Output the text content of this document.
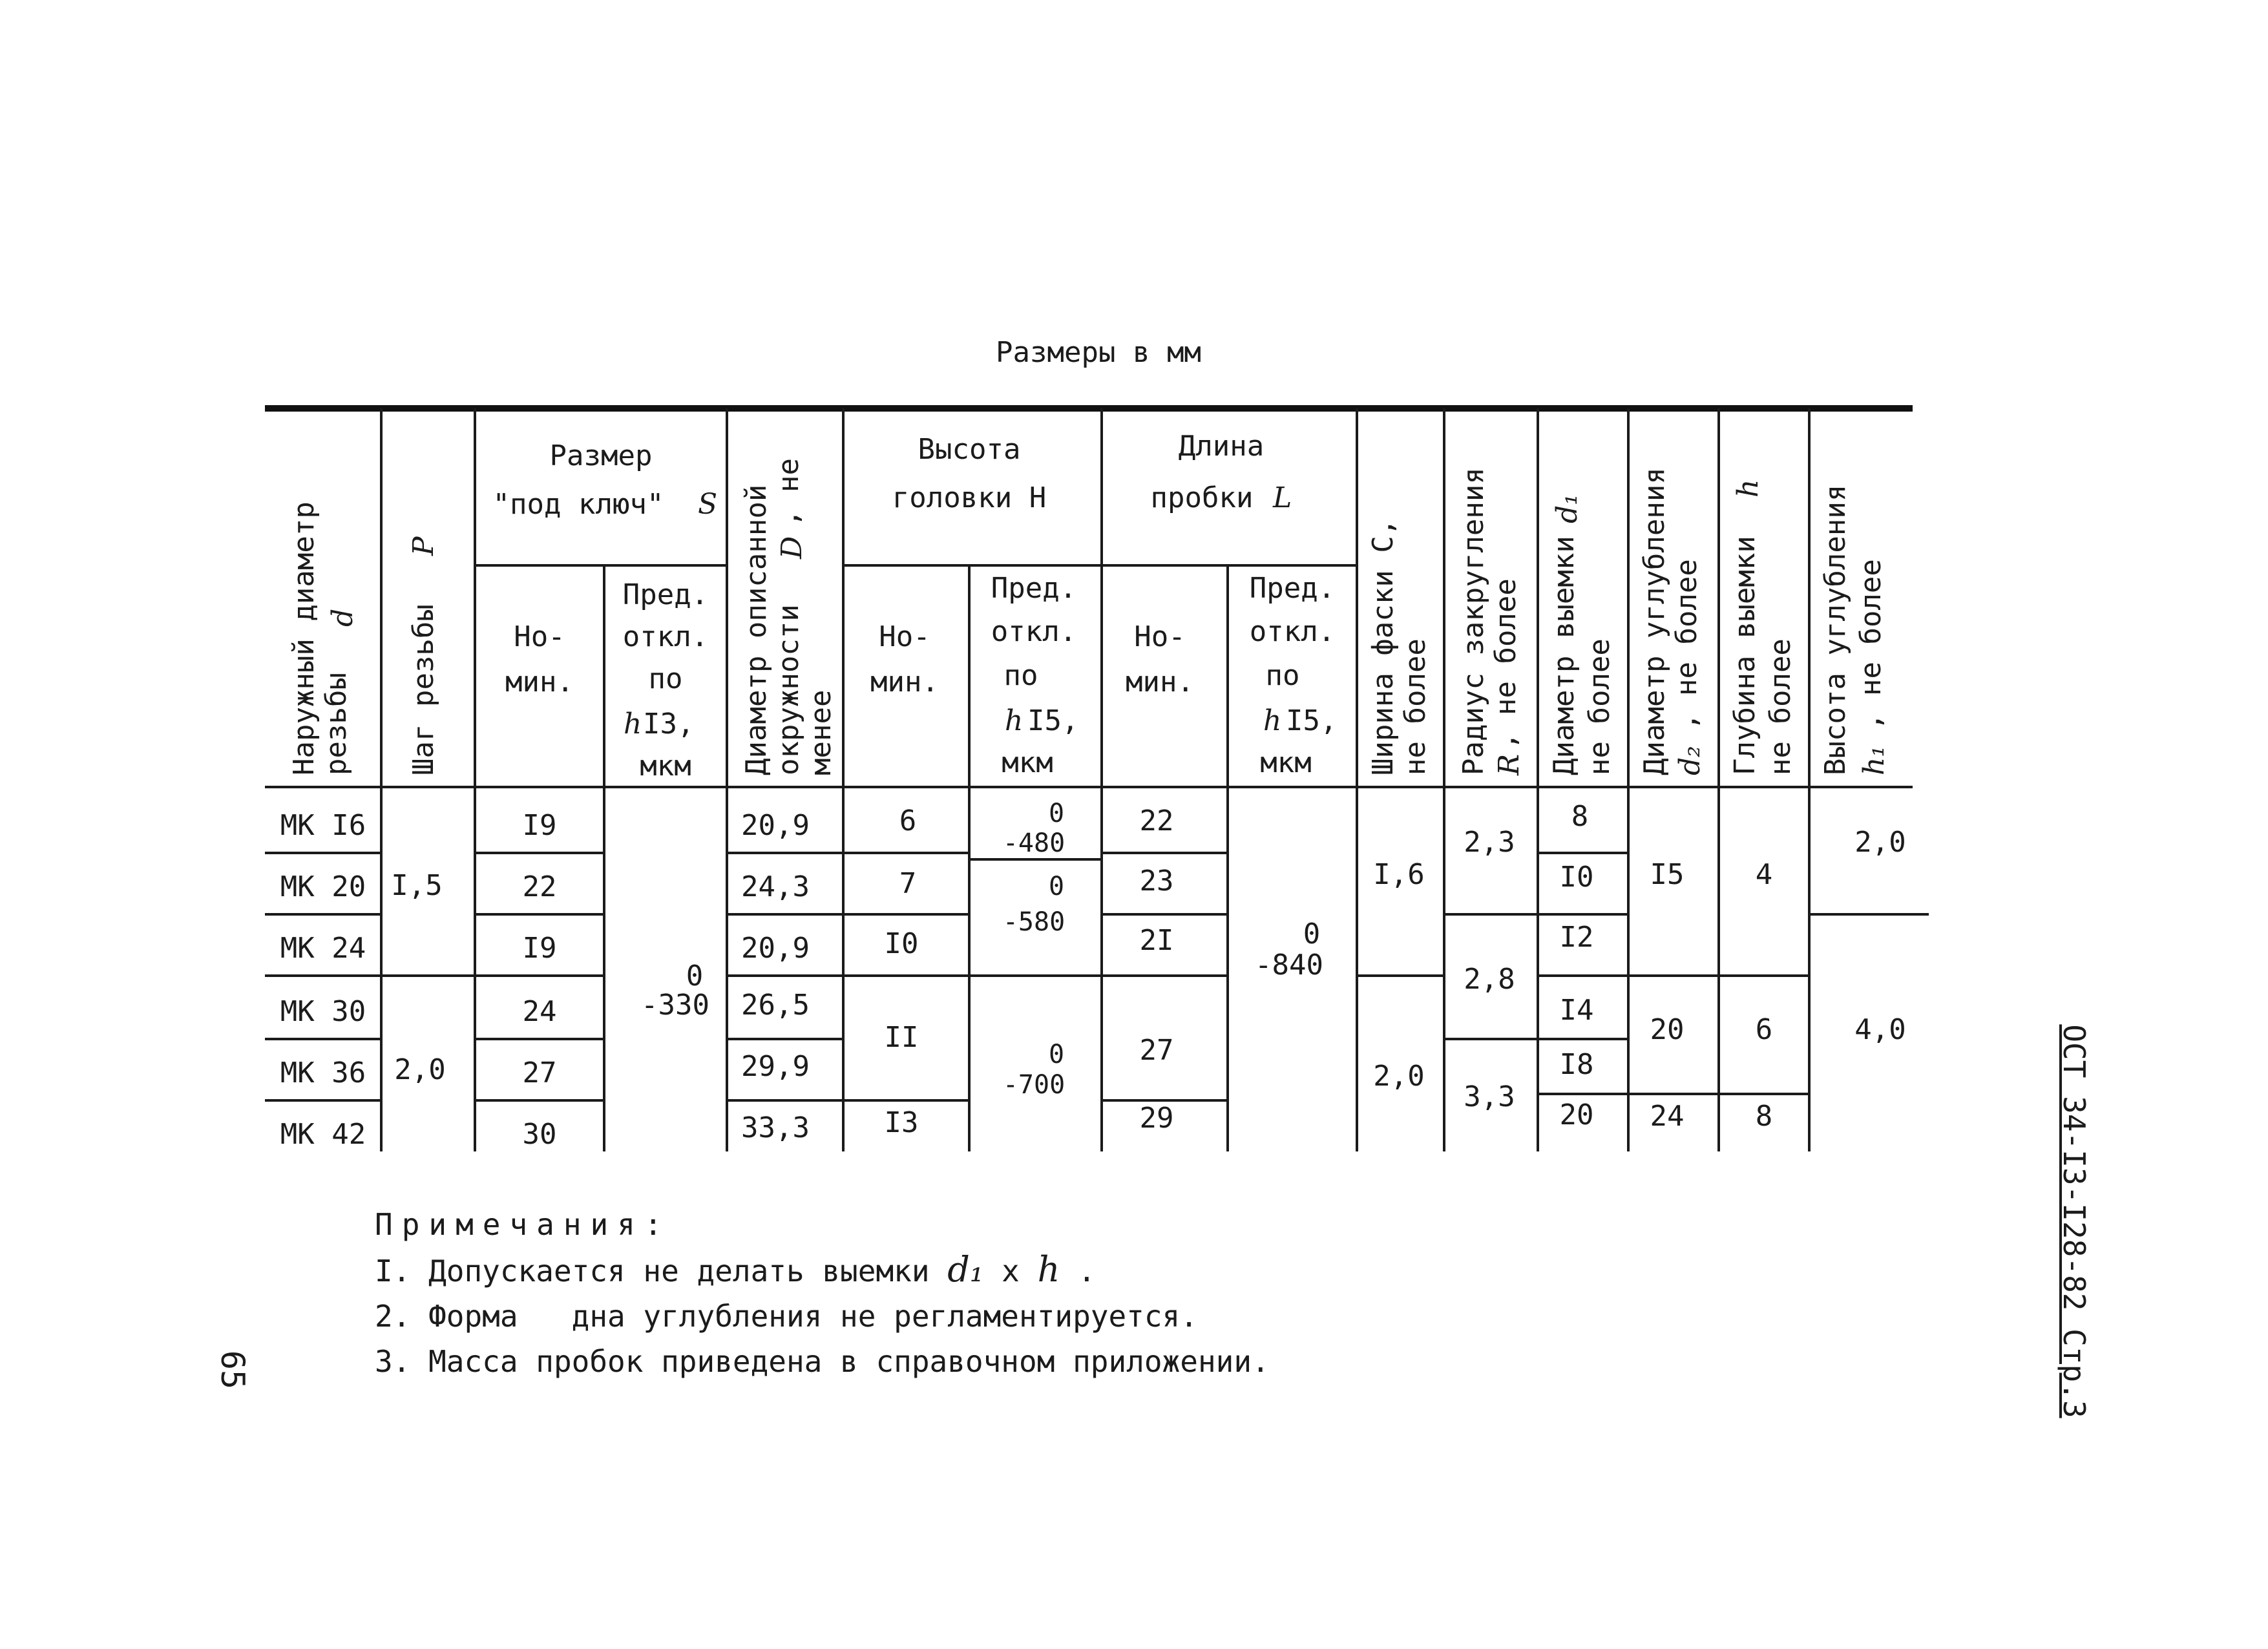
Размеры в мм
Наружный диаметр резьбы
d Шаг резьбы
P
Размер
"под ключ" S
Но-
мин.
Пред.
откл.
по
h I3,
мкм Диаметр описанной окружности
D
, не
менее
Высота
головки H
Но-
мин.
Пред.
откл.
по
h I5,
мкм
Длина
пробки L
Но-
мин.
Пред.
откл.
по
h I5,
мкм Ширина фаски C, не более Радиус закругления R
, не более Диаметр выемки
d₁
не более Диаметр углубления d₂
, не более Глубина выемки
h
не более Высота углубления h₁
, не более
МК I6
МК 20
МК 24
МК 30
МК 36
МК 42
I,5
2,0
I9
22
I9
24
27
30
0
-330
20,9
24,3
20,9
26,5
29,9
33,3
6
7
I0
II
I3
0
-480
0
-580
0
-700
22
23
2I
27
29
0
-840
I,6
2,0
2,3
2,8
3,3
8
I0
I2
I4
I8
20
I5
20
24
4
6
8
2,0
4,0
Примечания:
I. Допускается не делать выемки d₁ x h .
2. Форма   дна углубления не регламентируется.
3. Масса пробок приведена в справочном приложении.
65	ОСТ 34-I3-I28-82 Стр.3
